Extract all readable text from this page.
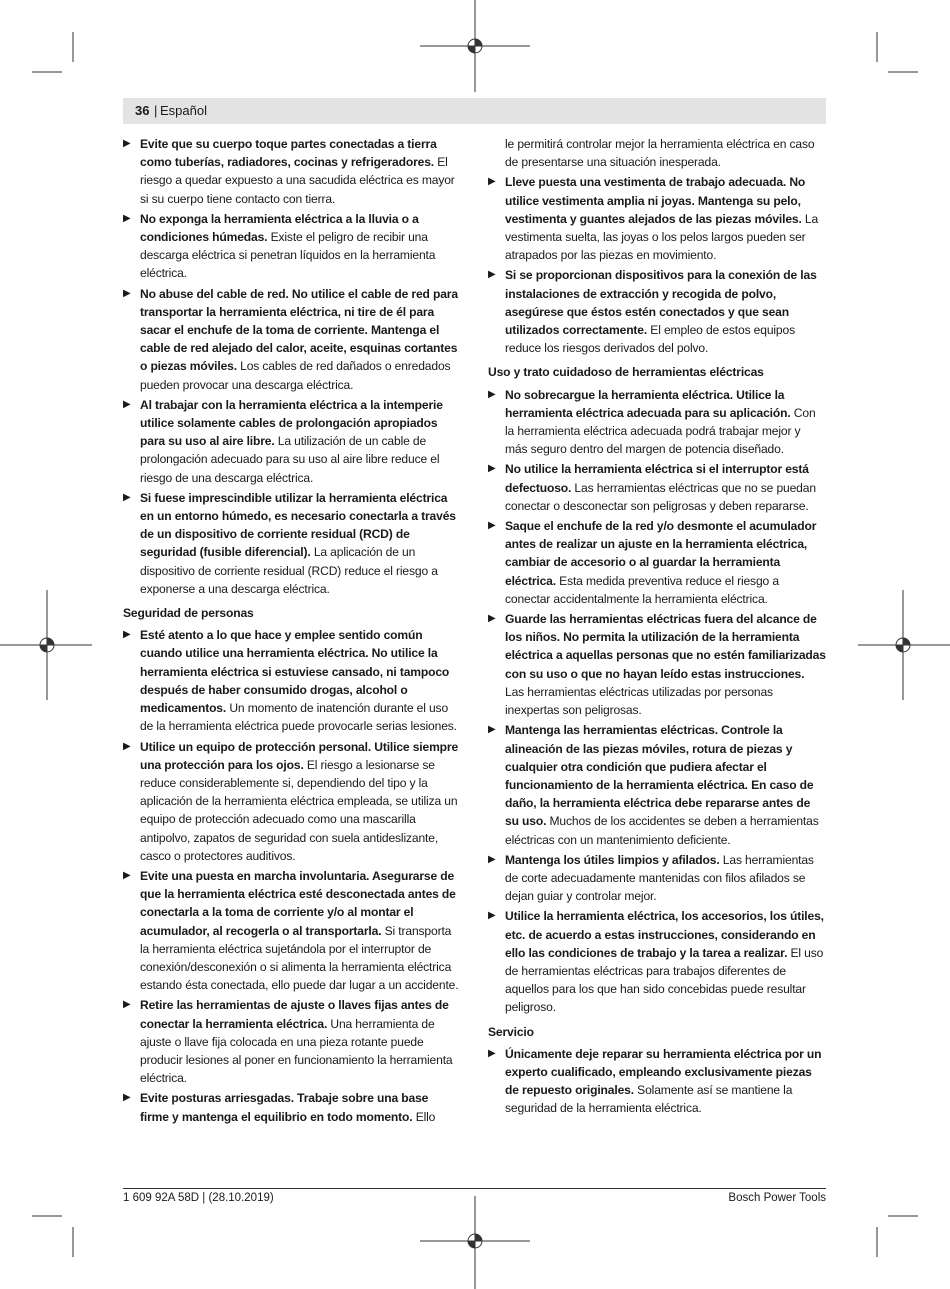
36 | Español
▶ Evite que su cuerpo toque partes conectadas a tierra como tuberías, radiadores, cocinas y refrigeradores. El riesgo a quedar expuesto a una sacudida eléctrica es mayor si su cuerpo tiene contacto con tierra.
▶ No exponga la herramienta eléctrica a la lluvia o a condiciones húmedas. Existe el peligro de recibir una descarga eléctrica si penetran líquidos en la herramienta eléctrica.
▶ No abuse del cable de red. No utilice el cable de red para transportar la herramienta eléctrica, ni tire de él para sacar el enchufe de la toma de corriente. Mantenga el cable de red alejado del calor, aceite, esquinas cortantes o piezas móviles. Los cables de red dañados o enredados pueden provocar una descarga eléctrica.
▶ Al trabajar con la herramienta eléctrica a la intemperie utilice solamente cables de prolongación apropiados para su uso al aire libre. La utilización de un cable de prolongación adecuado para su uso al aire libre reduce el riesgo de una descarga eléctrica.
▶ Si fuese imprescindible utilizar la herramienta eléctrica en un entorno húmedo, es necesario conectarla a través de un dispositivo de corriente residual (RCD) de seguridad (fusible diferencial). La aplicación de un dispositivo de corriente residual (RCD) reduce el riesgo a exponerse a una descarga eléctrica.
Seguridad de personas
▶ Esté atento a lo que hace y emplee sentido común cuando utilice una herramienta eléctrica. No utilice la herramienta eléctrica si estuviese cansado, ni tampoco después de haber consumido drogas, alcohol o medicamentos. Un momento de inatención durante el uso de la herramienta eléctrica puede provocarle serias lesiones.
▶ Utilice un equipo de protección personal. Utilice siempre una protección para los ojos. El riesgo a lesionarse se reduce considerablemente si, dependiendo del tipo y la aplicación de la herramienta eléctrica empleada, se utiliza un equipo de protección adecuado como una mascarilla antipolvo, zapatos de seguridad con suela antideslizante, casco o protectores auditivos.
▶ Evite una puesta en marcha involuntaria. Asegurarse de que la herramienta eléctrica esté desconectada antes de conectarla a la toma de corriente y/o al montar el acumulador, al recogerla o al transportarla. Si transporta la herramienta eléctrica sujetándola por el interruptor de conexión/desconexión o si alimenta la herramienta eléctrica estando ésta conectada, ello puede dar lugar a un accidente.
▶ Retire las herramientas de ajuste o llaves fijas antes de conectar la herramienta eléctrica. Una herramienta de ajuste o llave fija colocada en una pieza rotante puede producir lesiones al poner en funcionamiento la herramienta eléctrica.
▶ Evite posturas arriesgadas. Trabaje sobre una base firme y mantenga el equilibrio en todo momento. Ello
le permitirá controlar mejor la herramienta eléctrica en caso de presentarse una situación inesperada.
▶ Lleve puesta una vestimenta de trabajo adecuada. No utilice vestimenta amplia ni joyas. Mantenga su pelo, vestimenta y guantes alejados de las piezas móviles. La vestimenta suelta, las joyas o los pelos largos pueden ser atrapados por las piezas en movimiento.
▶ Si se proporcionan dispositivos para la conexión de las instalaciones de extracción y recogida de polvo, asegúrese que éstos estén conectados y que sean utilizados correctamente. El empleo de estos equipos reduce los riesgos derivados del polvo.
Uso y trato cuidadoso de herramientas eléctricas
▶ No sobrecargue la herramienta eléctrica. Utilice la herramienta eléctrica adecuada para su aplicación. Con la herramienta eléctrica adecuada podrá trabajar mejor y más seguro dentro del margen de potencia diseñado.
▶ No utilice la herramienta eléctrica si el interruptor está defectuoso. Las herramientas eléctricas que no se puedan conectar o desconectar son peligrosas y deben repararse.
▶ Saque el enchufe de la red y/o desmonte el acumulador antes de realizar un ajuste en la herramienta eléctrica, cambiar de accesorio o al guardar la herramienta eléctrica. Esta medida preventiva reduce el riesgo a conectar accidentalmente la herramienta eléctrica.
▶ Guarde las herramientas eléctricas fuera del alcance de los niños. No permita la utilización de la herramienta eléctrica a aquellas personas que no estén familiarizadas con su uso o que no hayan leído estas instrucciones. Las herramientas eléctricas utilizadas por personas inexpertas son peligrosas.
▶ Mantenga las herramientas eléctricas. Controle la alineación de las piezas móviles, rotura de piezas y cualquier otra condición que pudiera afectar el funcionamiento de la herramienta eléctrica. En caso de daño, la herramienta eléctrica debe repararse antes de su uso. Muchos de los accidentes se deben a herramientas eléctricas con un mantenimiento deficiente.
▶ Mantenga los útiles limpios y afilados. Las herramientas de corte adecuadamente mantenidas con filos afilados se dejan guiar y controlar mejor.
▶ Utilice la herramienta eléctrica, los accesorios, los útiles, etc. de acuerdo a estas instrucciones, considerando en ello las condiciones de trabajo y la tarea a realizar. El uso de herramientas eléctricas para trabajos diferentes de aquellos para los que han sido concebidas puede resultar peligroso.
Servicio
▶ Únicamente deje reparar su herramienta eléctrica por un experto cualificado, empleando exclusivamente piezas de repuesto originales. Solamente así se mantiene la seguridad de la herramienta eléctrica.
1 609 92A 58D | (28.10.2019)	Bosch Power Tools
